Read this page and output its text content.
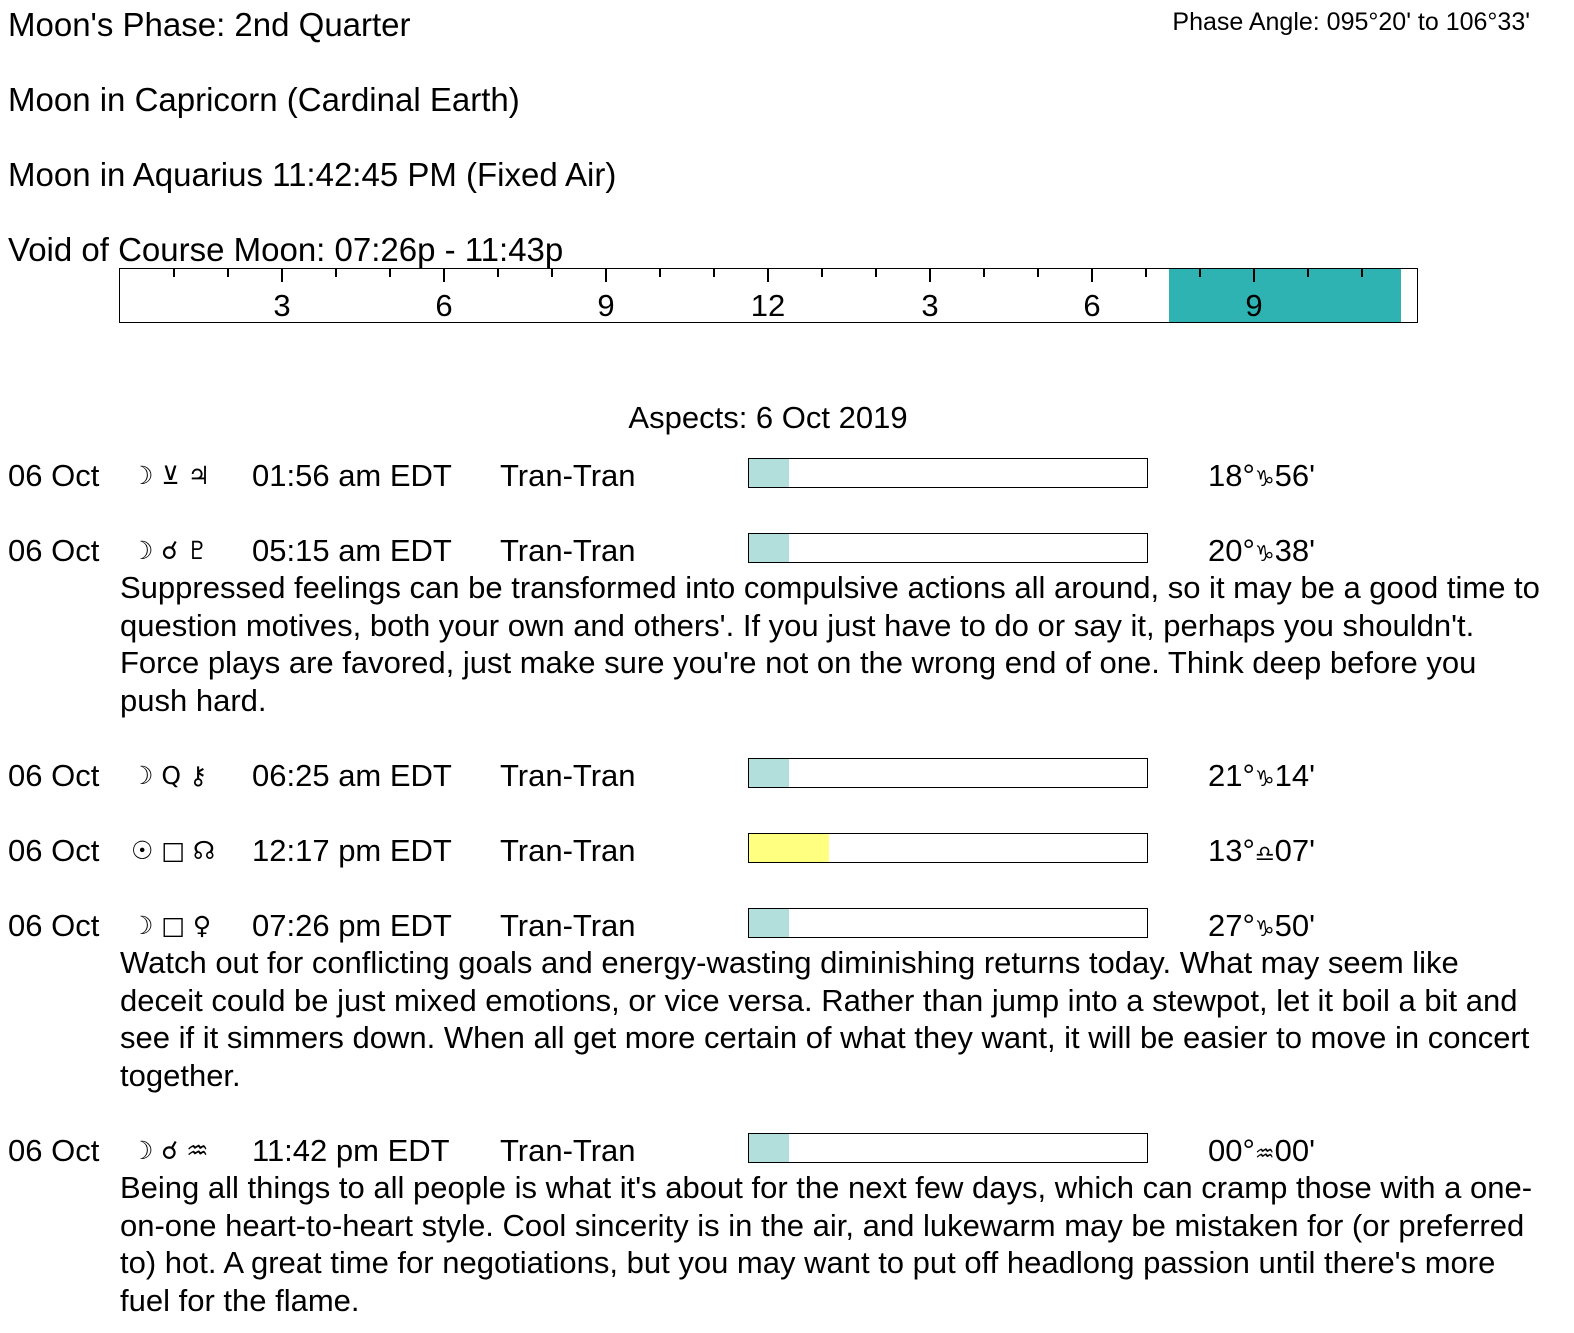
Moon's Phase: 2nd Quarter	Phase Angle: 095°20' to 106°33'
Moon in Capricorn (Cardinal Earth)
Moon in Aquarius 11:42:45 PM (Fixed Air)
Void of Course Moon: 07:26p - 11:43p
3	6	9	12	3	6	9
Aspects: 6 Oct 2019
06 Oct ☽ ⊻ ♃ 01:56 am EDT Tran-Tran	18°♑56'
06 Oct ☽ ☌ ♇ 05:15 am EDT Tran-Tran	20°♑38'
Suppressed feelings can be transformed into compulsive actions all around, so it may be a good time to question motives, both your own and others'. If you just have to do or say it, perhaps you shouldn't. Force plays are favored, just make sure you're not on the wrong end of one. Think deep before you push hard.
06 Oct ☽ Q ⚷ 06:25 am EDT Tran-Tran	21°♑14'
06 Oct ☉ □ ☊ 12:17 pm EDT Tran-Tran	13°♎07'
06 Oct ☽ □ ♀ 07:26 pm EDT Tran-Tran	27°♑50'
Watch out for conflicting goals and energy-wasting diminishing returns today. What may seem like deceit could be just mixed emotions, or vice versa. Rather than jump into a stewpot, let it boil a bit and see if it simmers down. When all get more certain of what they want, it will be easier to move in concert together.
06 Oct ☽ ☌ ♒ 11:42 pm EDT Tran-Tran	00°♒00'
Being all things to all people is what it's about for the next few days, which can cramp those with a one-on-one heart-to-heart style. Cool sincerity is in the air, and lukewarm may be mistaken for (or preferred to) hot. A great time for negotiations, but you may want to put off headlong passion until there's more fuel for the flame.
